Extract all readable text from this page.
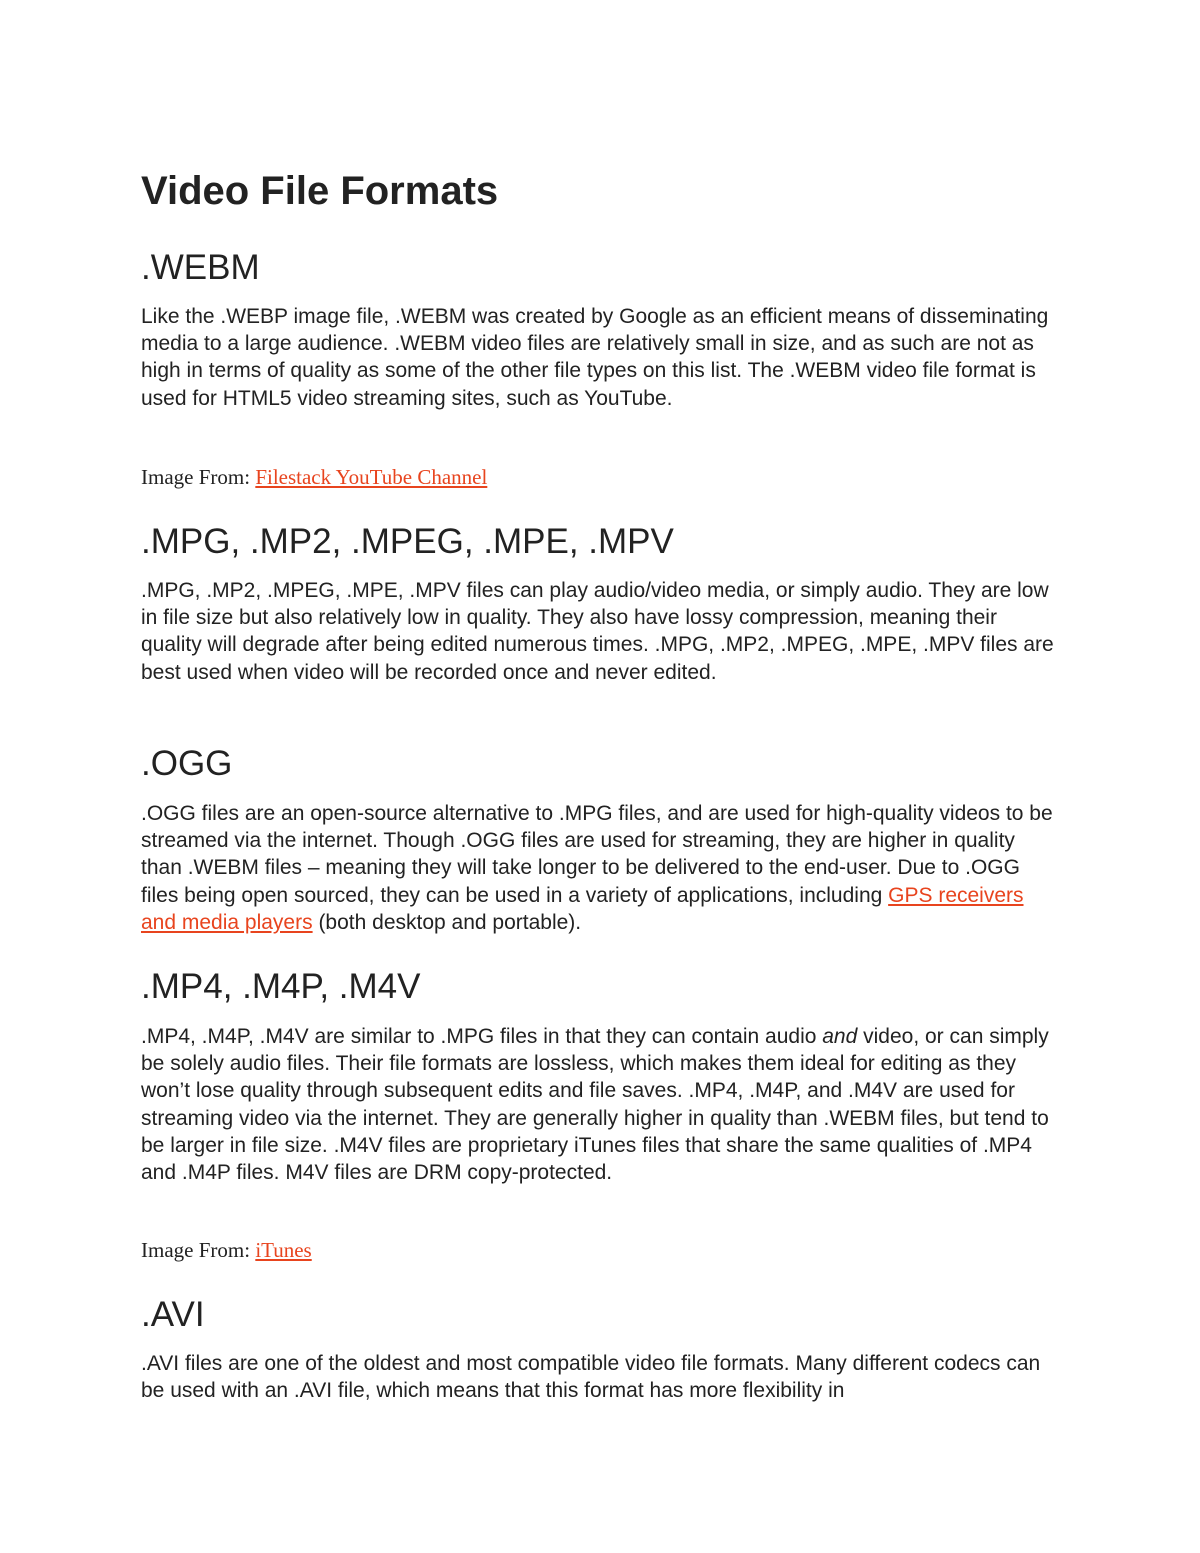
Video File Formats
.WEBM

Like the .WEBP image file, .WEBM was created by Google as an efficient means of disseminating media to a large audience. .WEBM video files are relatively small in size, and as such are not as high in terms of quality as some of the other file types on this list. The .WEBM video file format is used for HTML5 video streaming sites, such as YouTube.

Image From: Filestack YouTube Channel

.MPG, .MP2, .MPEG, .MPE, .MPV

.MPG, .MP2, .MPEG, .MPE, .MPV files can play audio/video media, or simply audio. They are low in file size but also relatively low in quality. They also have lossy compression, meaning their quality will degrade after being edited numerous times. .MPG, .MP2, .MPEG, .MPE, .MPV files are best used when video will be recorded once and never edited.

.OGG

.OGG files are an open-source alternative to .MPG files, and are used for high-quality videos to be streamed via the internet. Though .OGG files are used for streaming, they are higher in quality than .WEBM files – meaning they will take longer to be delivered to the end-user. Due to .OGG files being open sourced, they can be used in a variety of applications, including GPS receivers and media players (both desktop and portable).

.MP4, .M4P, .M4V

.MP4, .M4P, .M4V are similar to .MPG files in that they can contain audio and video, or can simply be solely audio files. Their file formats are lossless, which makes them ideal for editing as they won’t lose quality through subsequent edits and file saves. .MP4, .M4P, and .M4V are used for streaming video via the internet. They are generally higher in quality than .WEBM files, but tend to be larger in file size. .M4V files are proprietary iTunes files that share the same qualities of .MP4 and .M4P files. M4V files are DRM copy-protected.

Image From: iTunes

.AVI

.AVI files are one of the oldest and most compatible video file formats. Many different codecs can be used with an .AVI file, which means that this format has more flexibility in
